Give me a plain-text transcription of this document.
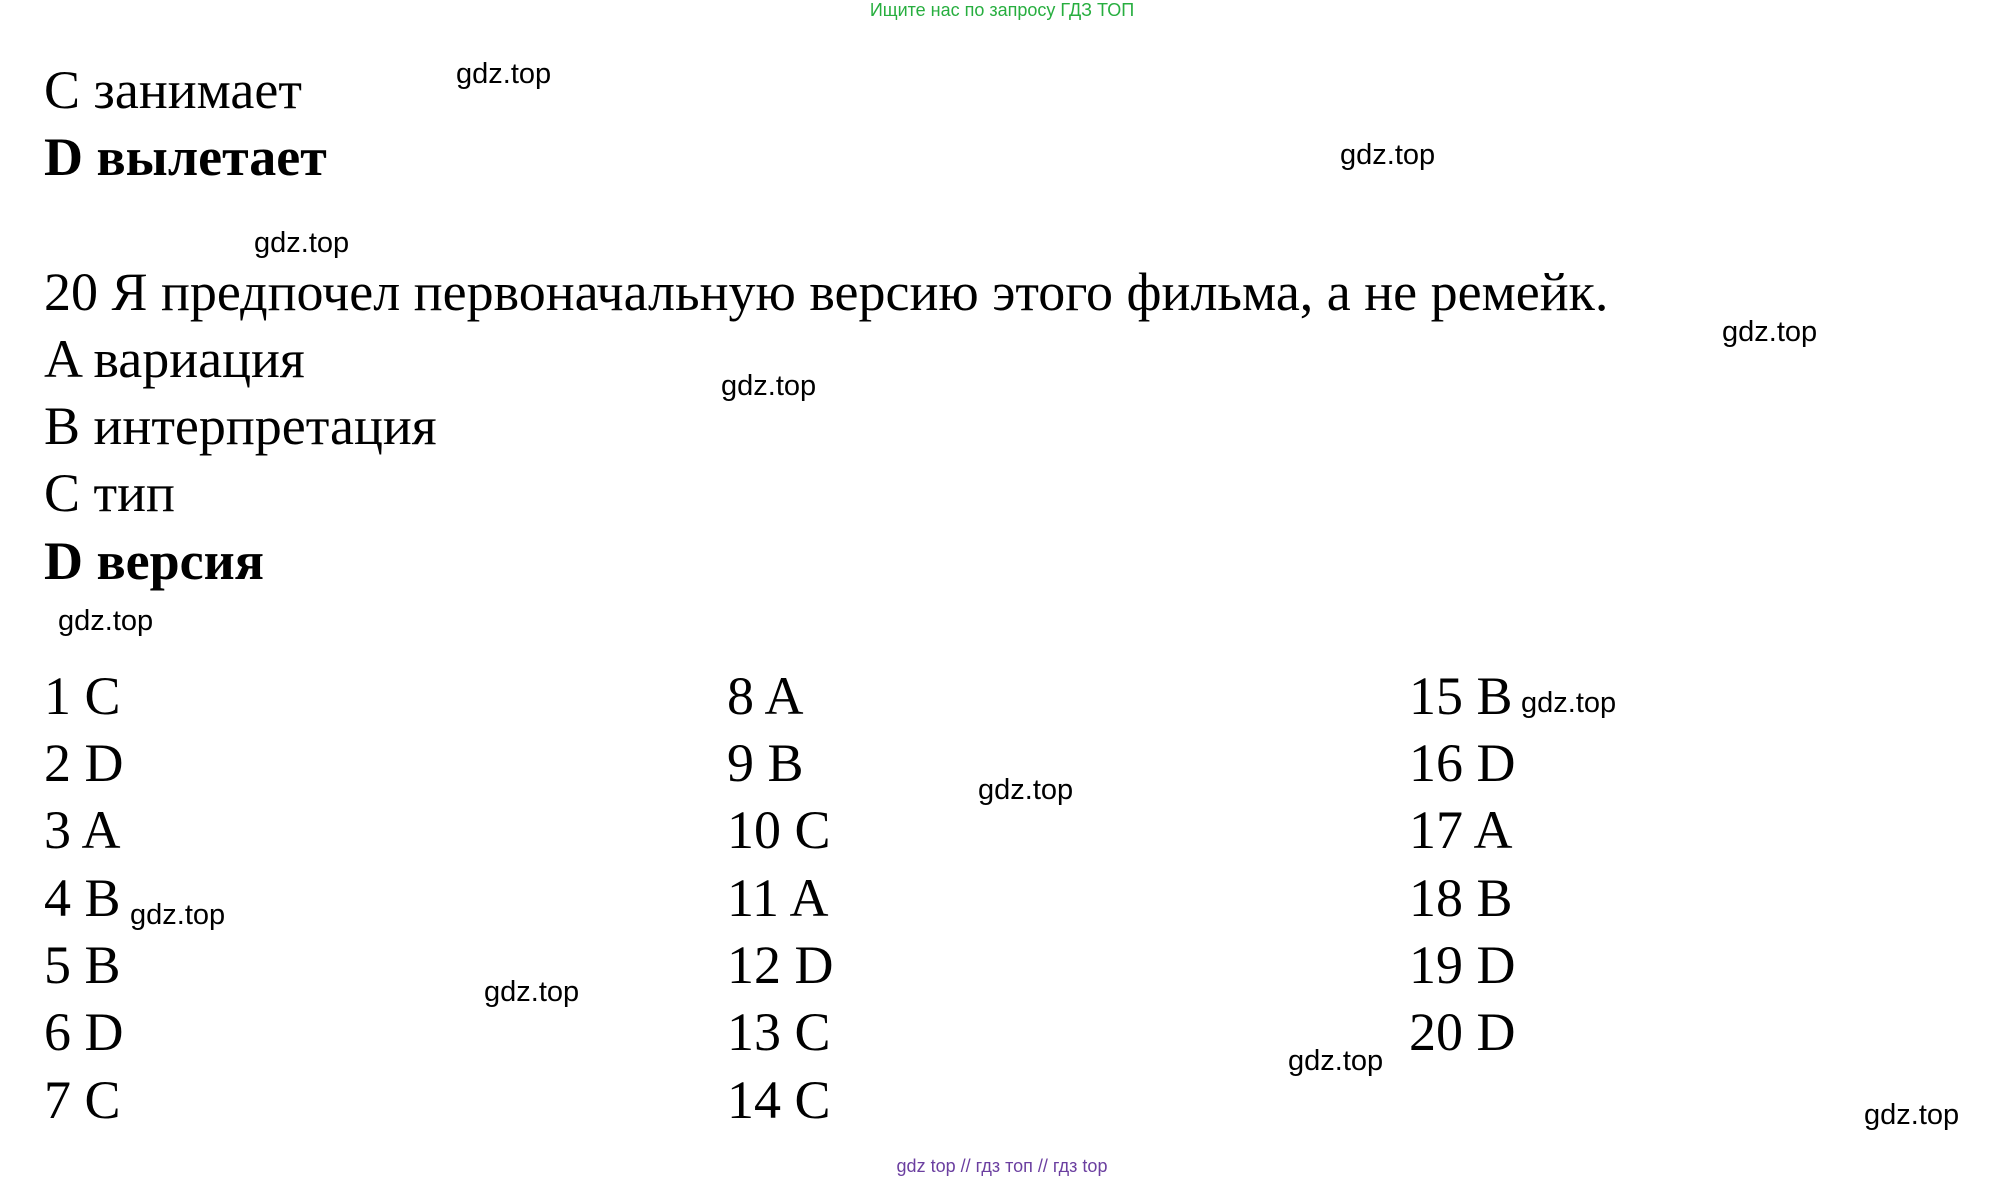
Ищите нас по запросу ГДЗ ТОП
C занимает
D вылетает
20 Я предпочел первоначальную версию этого фильма, а не ремейк.
A вариация
B интерпретация
C тип
D версия
1 C
2 D
3 A
4 B
5 B
6 D
7 C
8 A
9 B
10 C
11 A
12 D
13 C
14 C
15 B
16 D
17 A
18 B
19 D
20 D
gdz.top
gdz.top
gdz.top
gdz.top
gdz.top
gdz.top
gdz.top
gdz.top
gdz.top
gdz.top
gdz.top
gdz.top
gdz top // гдз топ // гдз top
